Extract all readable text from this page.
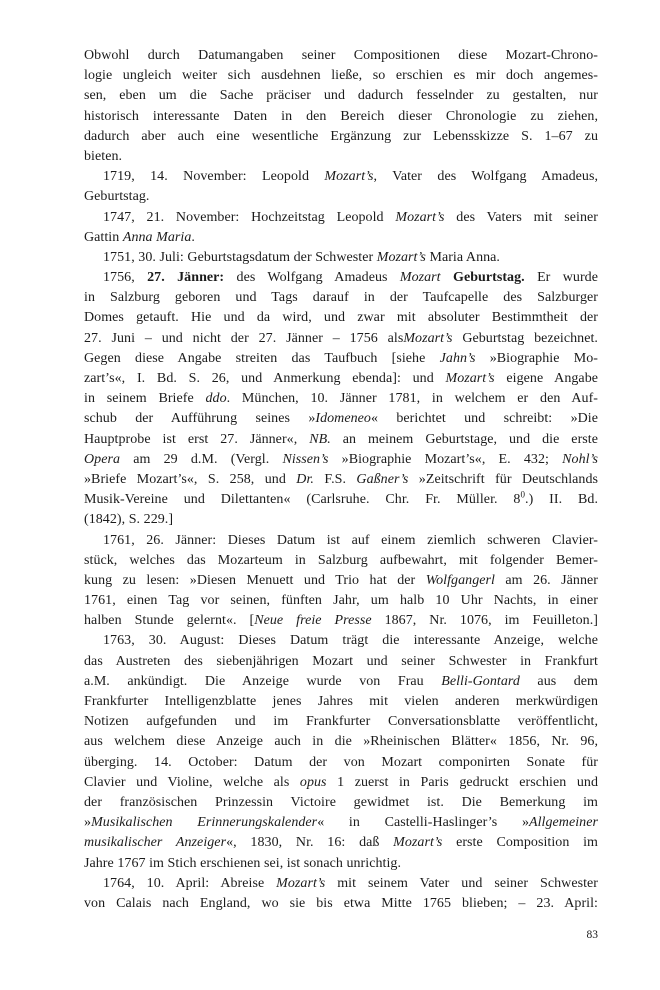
Obwohl durch Datumangaben seiner Compositionen diese Mozart-Chrono-
logie ungleich weiter sich ausdehnen ließe, so erschien es mir doch angemes-
sen, eben um die Sache präciser und dadurch fesselnder zu gestalten, nur
historisch interessante Daten in den Bereich dieser Chronologie zu ziehen,
dadurch aber auch eine wesentliche Ergänzung zur Lebensskizze S. 1–67 zu
bieten.
1719, 14. November: Leopold Mozart’s, Vater des Wolfgang Amadeus,
Geburtstag.
1747, 21. November: Hochzeitstag Leopold Mozart’s des Vaters mit seiner
Gattin Anna Maria.
1751, 30. Juli: Geburtstagsdatum der Schwester Mozart’s Maria Anna.
1756, 27. Jänner: des Wolfgang Amadeus Mozart Geburtstag. Er wurde
in Salzburg geboren und Tags darauf in der Taufcapelle des Salzburger
Domes getauft. Hie und da wird, und zwar mit absoluter Bestimmtheit der
27. Juni – und nicht der 27. Jänner – 1756 alsMozart’s Geburtstag bezeichnet.
Gegen diese Angabe streiten das Taufbuch [siehe Jahn’s »Biographie Mo-
zart’s«, I. Bd. S. 26, und Anmerkung ebenda]: und Mozart’s eigene Angabe
in seinem Briefe ddo. München, 10. Jänner 1781, in welchem er den Auf-
schub der Aufführung seines »Idomeneo« berichtet und schreibt: »Die
Hauptprobe ist erst 27. Jänner«, NB. an meinem Geburtstage, und die erste
Opera am 29 d.M. (Vergl. Nissen’s »Biographie Mozart’s«, E. 432; Nohl’s
»Briefe Mozart’s«, S. 258, und Dr. F.S. Gaßner’s »Zeitschrift für Deutschlands
Musik-Vereine und Dilettanten« (Carlsruhe. Chr. Fr. Müller. $8^0$.) II. Bd.
(1842), S. 229.]
1761, 26. Jänner: Dieses Datum ist auf einem ziemlich schweren Clavier-
stück, welches das Mozarteum in Salzburg aufbewahrt, mit folgender Bemer-
kung zu lesen: »Diesen Menuett und Trio hat der Wolfgangerl am 26. Jänner
1761, einen Tag vor seinen, fünften Jahr, um halb 10 Uhr Nachts, in einer
halben Stunde gelernt«. [Neue freie Presse 1867, Nr. 1076, im Feuilleton.]
1763, 30. August: Dieses Datum trägt die interessante Anzeige, welche
das Austreten des siebenjährigen Mozart und seiner Schwester in Frankfurt
a.M. ankündigt. Die Anzeige wurde von Frau Belli-Gontard aus dem
Frankfurter Intelligenzblatte jenes Jahres mit vielen anderen merkwürdigen
Notizen aufgefunden und im Frankfurter Conversationsblatte veröffentlicht,
aus welchem diese Anzeige auch in die »Rheinischen Blätter« 1856, Nr. 96,
überging. 14. October: Datum der von Mozart componirten Sonate für
Clavier und Violine, welche als opus 1 zuerst in Paris gedruckt erschien und
der französischen Prinzessin Victoire gewidmet ist. Die Bemerkung im
»Musikalischen Erinnerungskalender« in Castelli-Haslinger’s »Allgemeiner
musikalischer Anzeiger«, 1830, Nr. 16: daß Mozart’s erste Composition im
Jahre 1767 im Stich erschienen sei, ist sonach unrichtig.
1764, 10. April: Abreise Mozart’s mit seinem Vater und seiner Schwester
von Calais nach England, wo sie bis etwa Mitte 1765 blieben; – 23. April:
83
